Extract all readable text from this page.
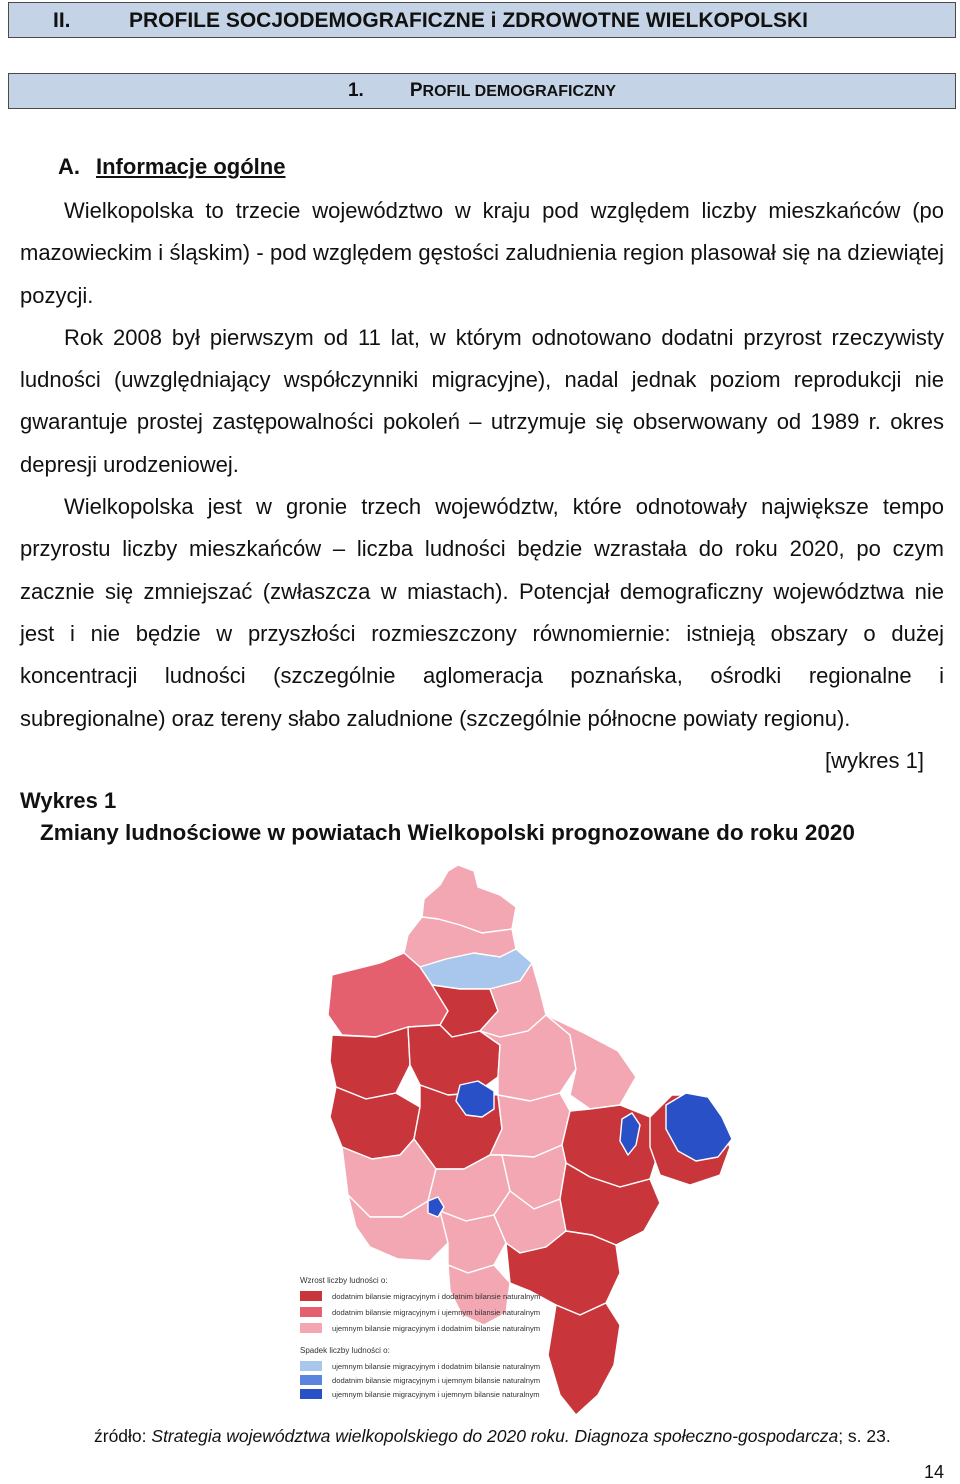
II.	PROFILE SOCJODEMOGRAFICZNE i ZDROWOTNE WIELKOPOLSKI
1. PROFIL DEMOGRAFICZNY
A. Informacje ogólne

Wielkopolska to trzecie województwo w kraju pod względem liczby mieszkańców (po mazowieckim i śląskim) - pod względem gęstości zaludnienia region plasował się na dziewiątej pozycji.

Rok 2008 był pierwszym od 11 lat, w którym odnotowano dodatni przyrost rzeczywisty ludności (uwzględniający współczynniki migracyjne), nadal jednak poziom reprodukcji nie gwarantuje prostej zastępowalności pokoleń – utrzymuje się obserwowany od 1989 r. okres depresji urodzeniowej.

Wielkopolska jest w gronie trzech województw, które odnotowały największe tempo przyrostu liczby mieszkańców – liczba ludności będzie wzrastała do roku 2020, po czym zacznie się zmniejszać (zwłaszcza w miastach). Potencjał demograficzny województwa nie jest i nie będzie w przyszłości rozmieszczony równomiernie: istnieją obszary o dużej koncentracji ludności (szczególnie aglomeracja poznańska, ośrodki regionalne i subregionalne) oraz tereny słabo zaludnione (szczególnie północne powiaty regionu).
[wykres 1]

Wykres 1
Zmiany ludnościowe w powiatach Wielkopolski prognozowane do roku 2020
Wzrost liczby ludności o:
dodatnim bilansie migracyjnym i dodatnim bilansie naturalnym
dodatnim bilansie migracyjnym i ujemnym bilansie naturalnym
ujemnym bilansie migracyjnym i dodatnim bilansie naturalnym
Spadek liczby ludności o:
ujemnym bilansie migracyjnym i dodatnim bilansie naturalnym
dodatnim bilansie migracyjnym i ujemnym bilansie naturalnym
ujemnym bilansie migracyjnym i ujemnym bilansie naturalnym
źródło: Strategia województwa wielkopolskiego do 2020 roku. Diagnoza społeczno-gospodarcza; s. 23.
14
